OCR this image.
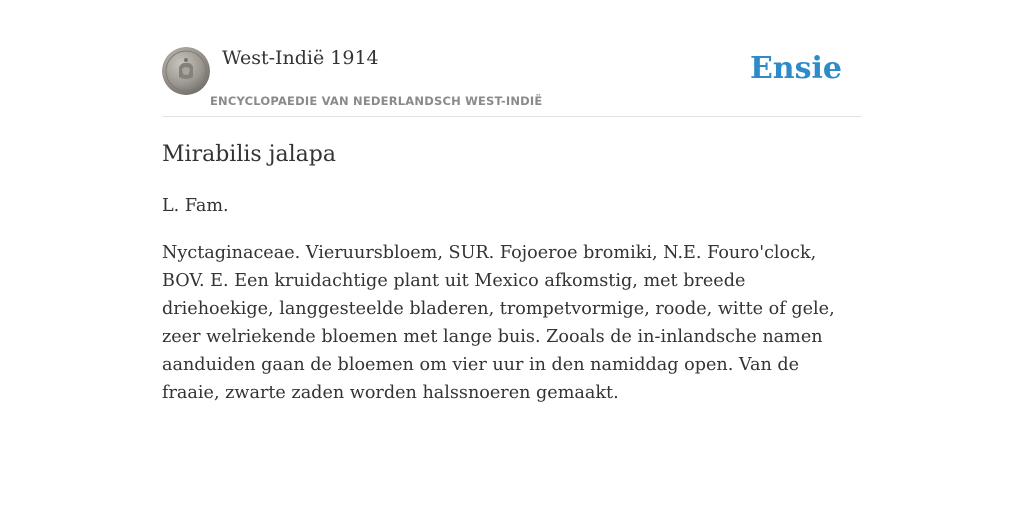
West-Indië 1914
ENCYCLOPAEDIE VAN NEDERLANDSCH WEST-INDIË
Ensie
Mirabilis jalapa

L. Fam.

Nyctaginaceae. Vieruursbloem, SUR. Fojoeroe bromiki, N.E. Fouro'clock, BOV. E. Een kruidachtige plant uit Mexico afkomstig, met breede driehoekige, langgesteelde bladeren, trompetvormige, roode, witte of gele, zeer welriekende bloemen met lange buis. Zooals de in-inlandsche namen aanduiden gaan de bloemen om vier uur in den namiddag open. Van de fraaie, zwarte zaden worden halssnoeren gemaakt.
